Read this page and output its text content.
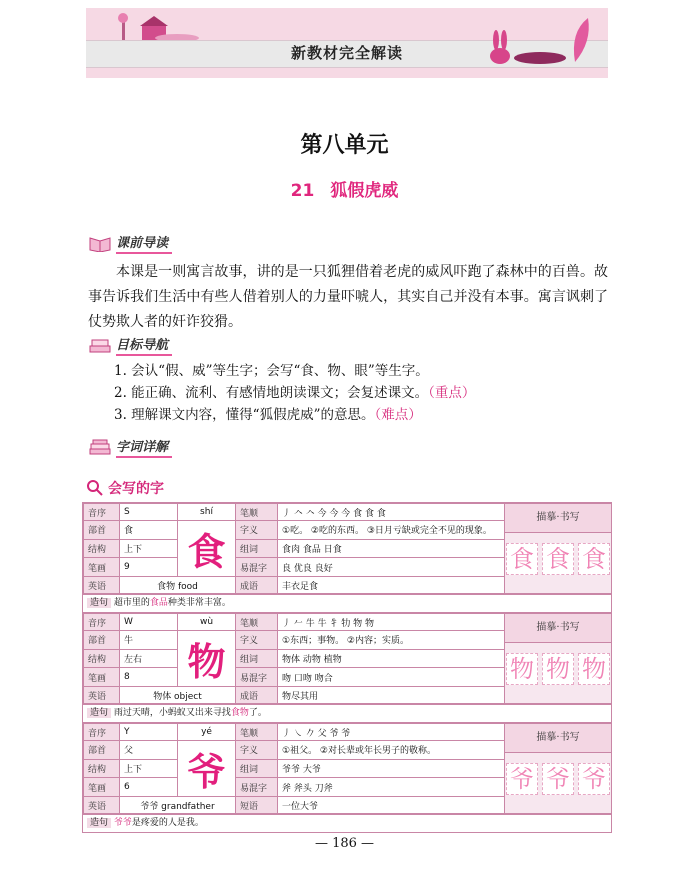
新教材完全解读
第八单元
21 狐假虎威
课前导读
本课是一则寓言故事，讲的是一只狐狸借着老虎的威风吓跑了森林中的百兽。故事告诉我们生活中有些人借着别人的力量吓唬人，其实自己并没有本事。寓言讽刺了仗势欺人者的奸诈狡猾。
目标导航
1. 会认“假、威”等生字；会写“食、物、眼”等生字。
2. 能正确、流利、有感情地朗读课文；会复述课文。（重点）
3. 理解课文内容，懂得“狐假虎威”的意思。（难点）
字词详解
会写的字
音序	S	shí	笔顺	丿 𠆢 𠆢 今 今 今 食 食 食	描摹·书写
食 食 食

部首	食	食	字义	①吃。 ②吃的东西。 ③日月亏缺或完全不见的现象。	
结构	上下		组词	食肉 食品 日食	
笔画	9		易混字	良 优良 良好	
英语	食物 food		成语	丰衣足食	
造句 超市里的食品种类非常丰富。
音序	W	wù	笔顺	丿 𠂉 牛 牛 牜 牞 物 物	描摹·书写
物 物 物

部首	牛	物	字义	①东西；事物。 ②内容；实质。	
结构	左右		组词	物体 动物 植物	
笔画	8		易混字	吻 口吻 吻合	
英语	物体 object		成语	物尽其用	
造句 雨过天晴，小蚂蚁又出来寻找食物了。
音序	Y	yé	笔顺	丿 ㇏ 𠂊 父 爷 爷	描摹·书写
爷 爷 爷

部首	父	爷	字义	①祖父。 ②对长辈或年长男子的敬称。	
结构	上下		组词	爷爷 大爷	
笔画	6		易混字	斧 斧头 刀斧	
英语	爷爷 grandfather		短语	一位大爷	
造句 爷爷是疼爱的人是我。
— 186 —
